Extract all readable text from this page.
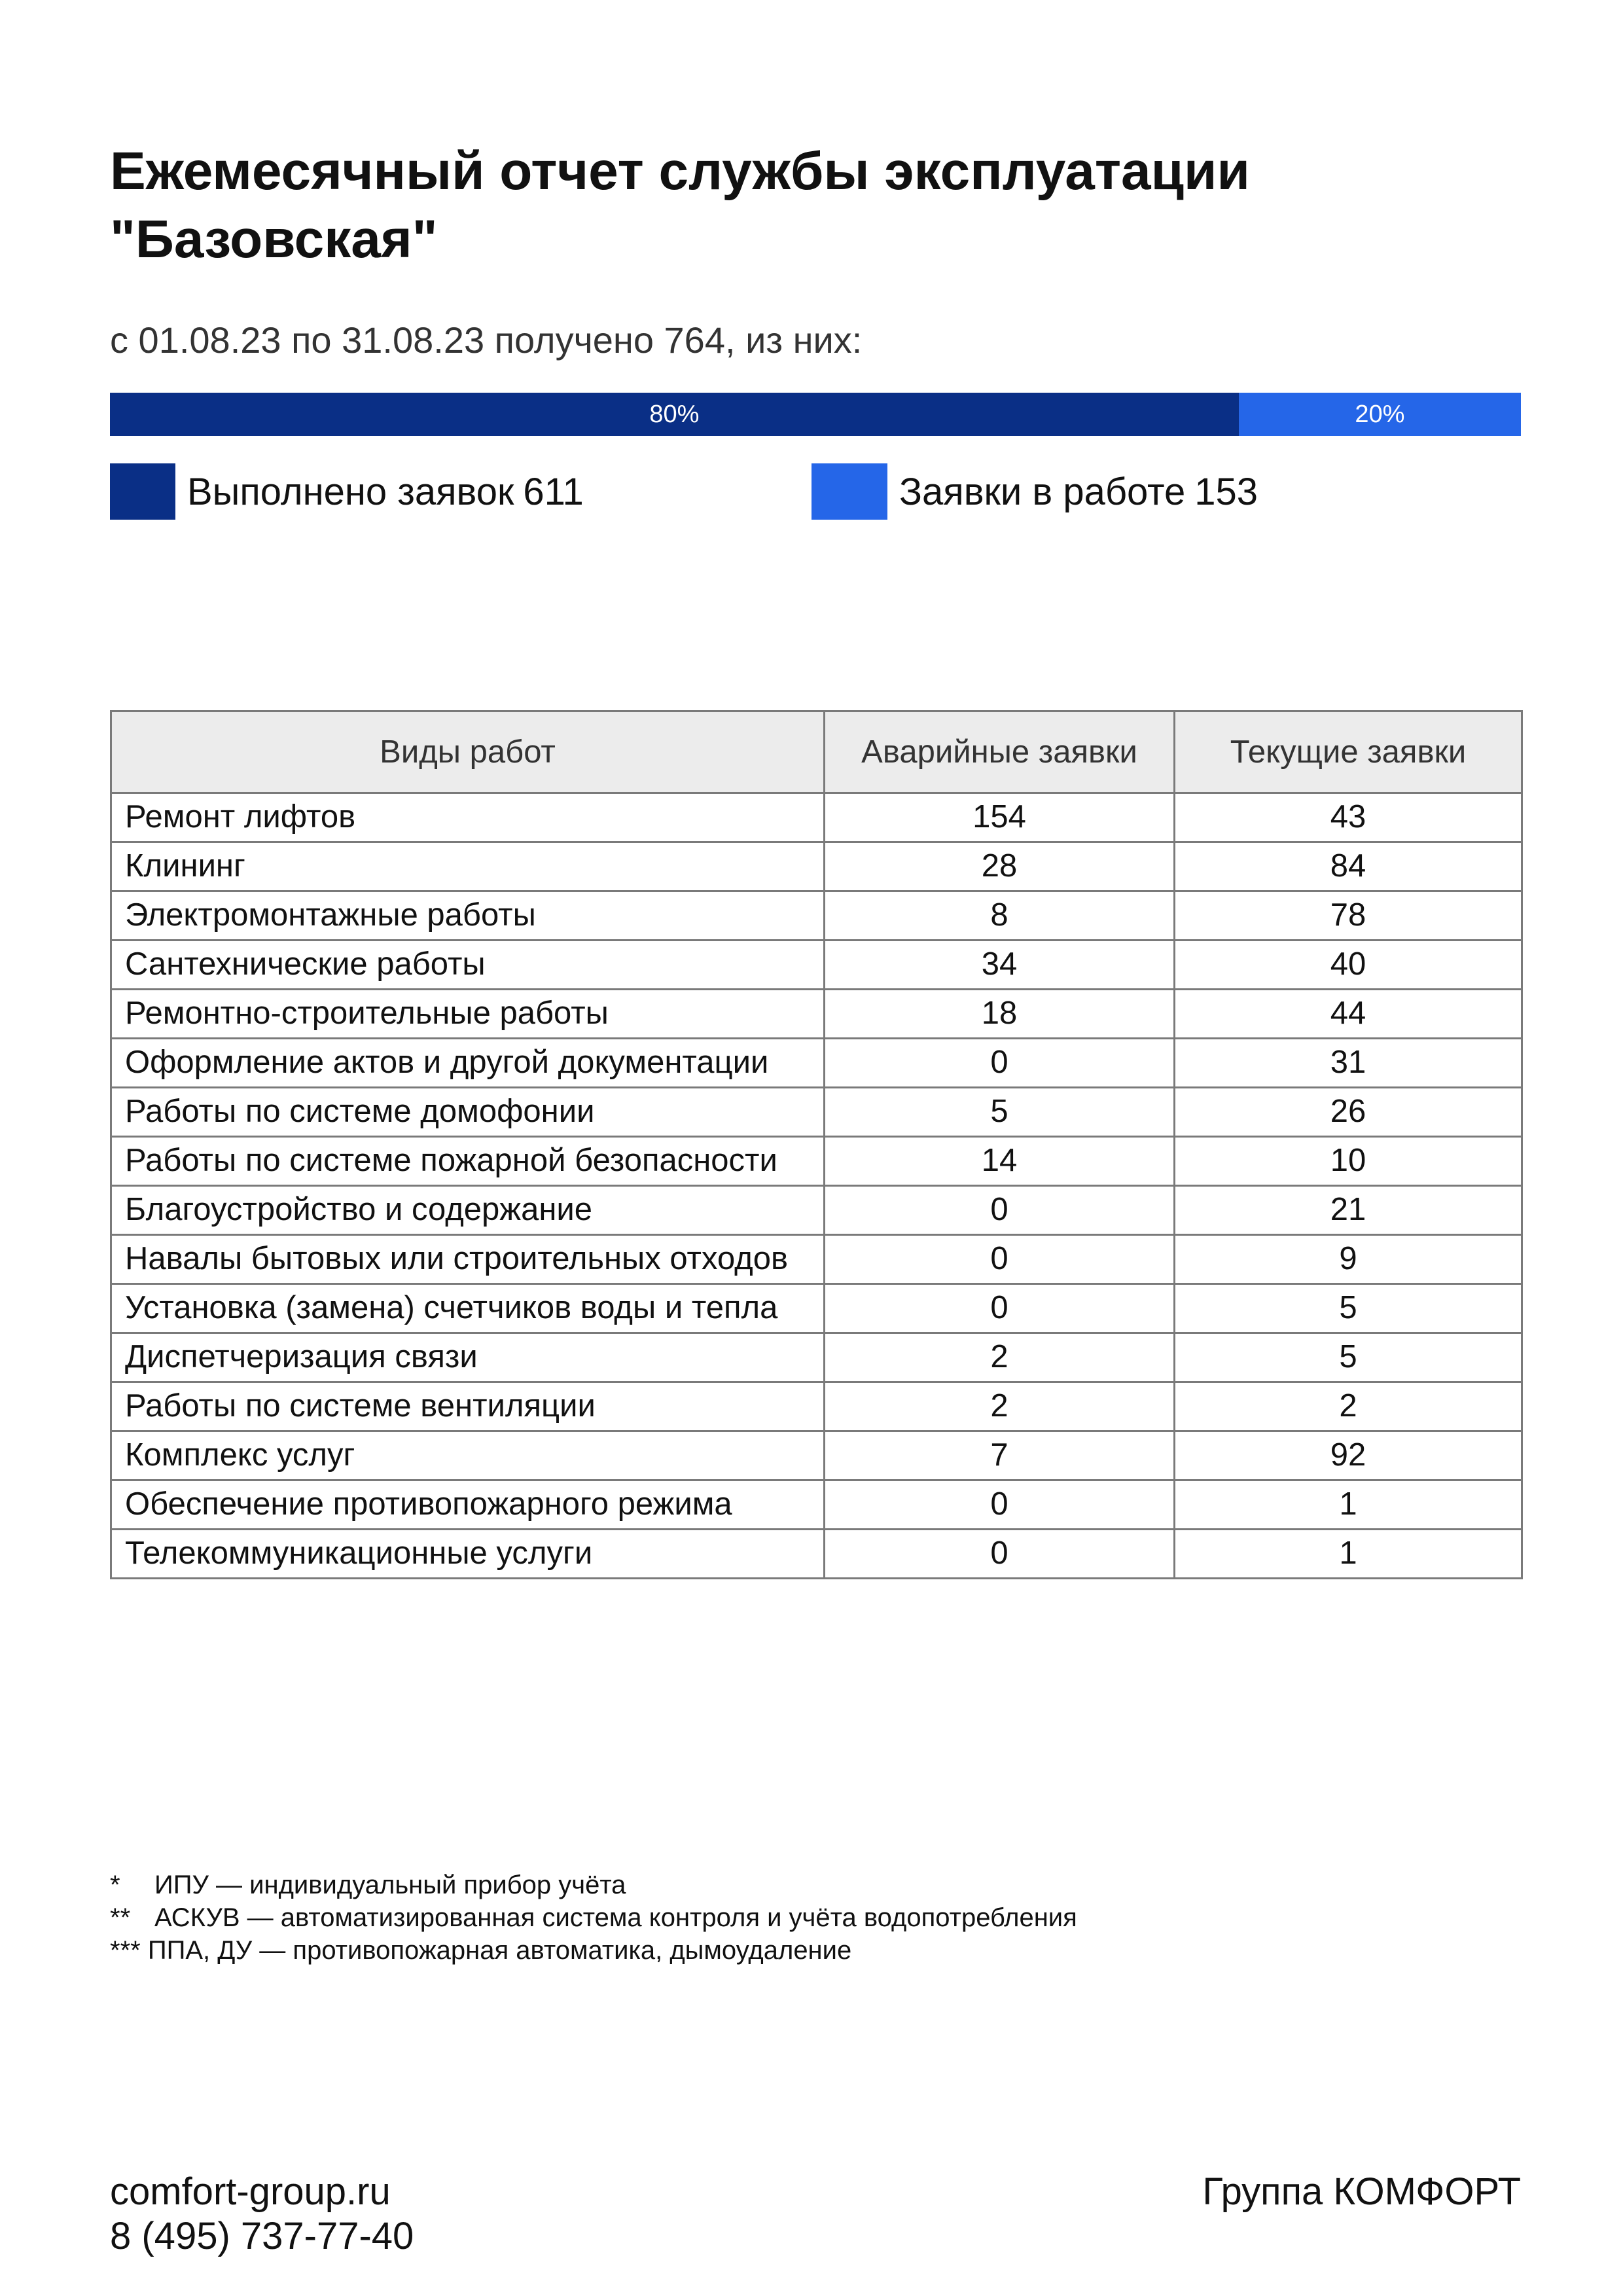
Ежемесячный отчет службы эксплуатации
"Базовская"
с 01.08.23 по 31.08.23 получено 764, из них:
80%	20%
Выполнено заявок 611	Заявки в работе 153
Виды работ	Аварийные заявки	Текущие заявки
Ремонт лифтов	154	43
Клининг	28	84
Электромонтажные работы	8	78
Сантехнические работы	34	40
Ремонтно-строительные работы	18	44
Оформление актов и другой документации	0	31
Работы по системе домофонии	5	26
Работы по системе пожарной безопасности	14	10
Благоустройство и содержание	0	21
Навалы бытовых или строительных отходов	0	9
Установка (замена) счетчиков воды и тепла	0	5
Диспетчеризация связи	2	5
Работы по системе вентиляции	2	2
Комплекс услуг	7	92
Обеспечение противопожарного режима	0	1
Телекоммуникационные услуги	0	1
* ИПУ — индивидуальный прибор учёта
** АСКУВ — автоматизированная система контроля и учёта водопотребления
*** ППА, ДУ — противопожарная автоматика, дымоудаление
comfort-group.ru
8 (495) 737-77-40
Группа КОМФОРТ
